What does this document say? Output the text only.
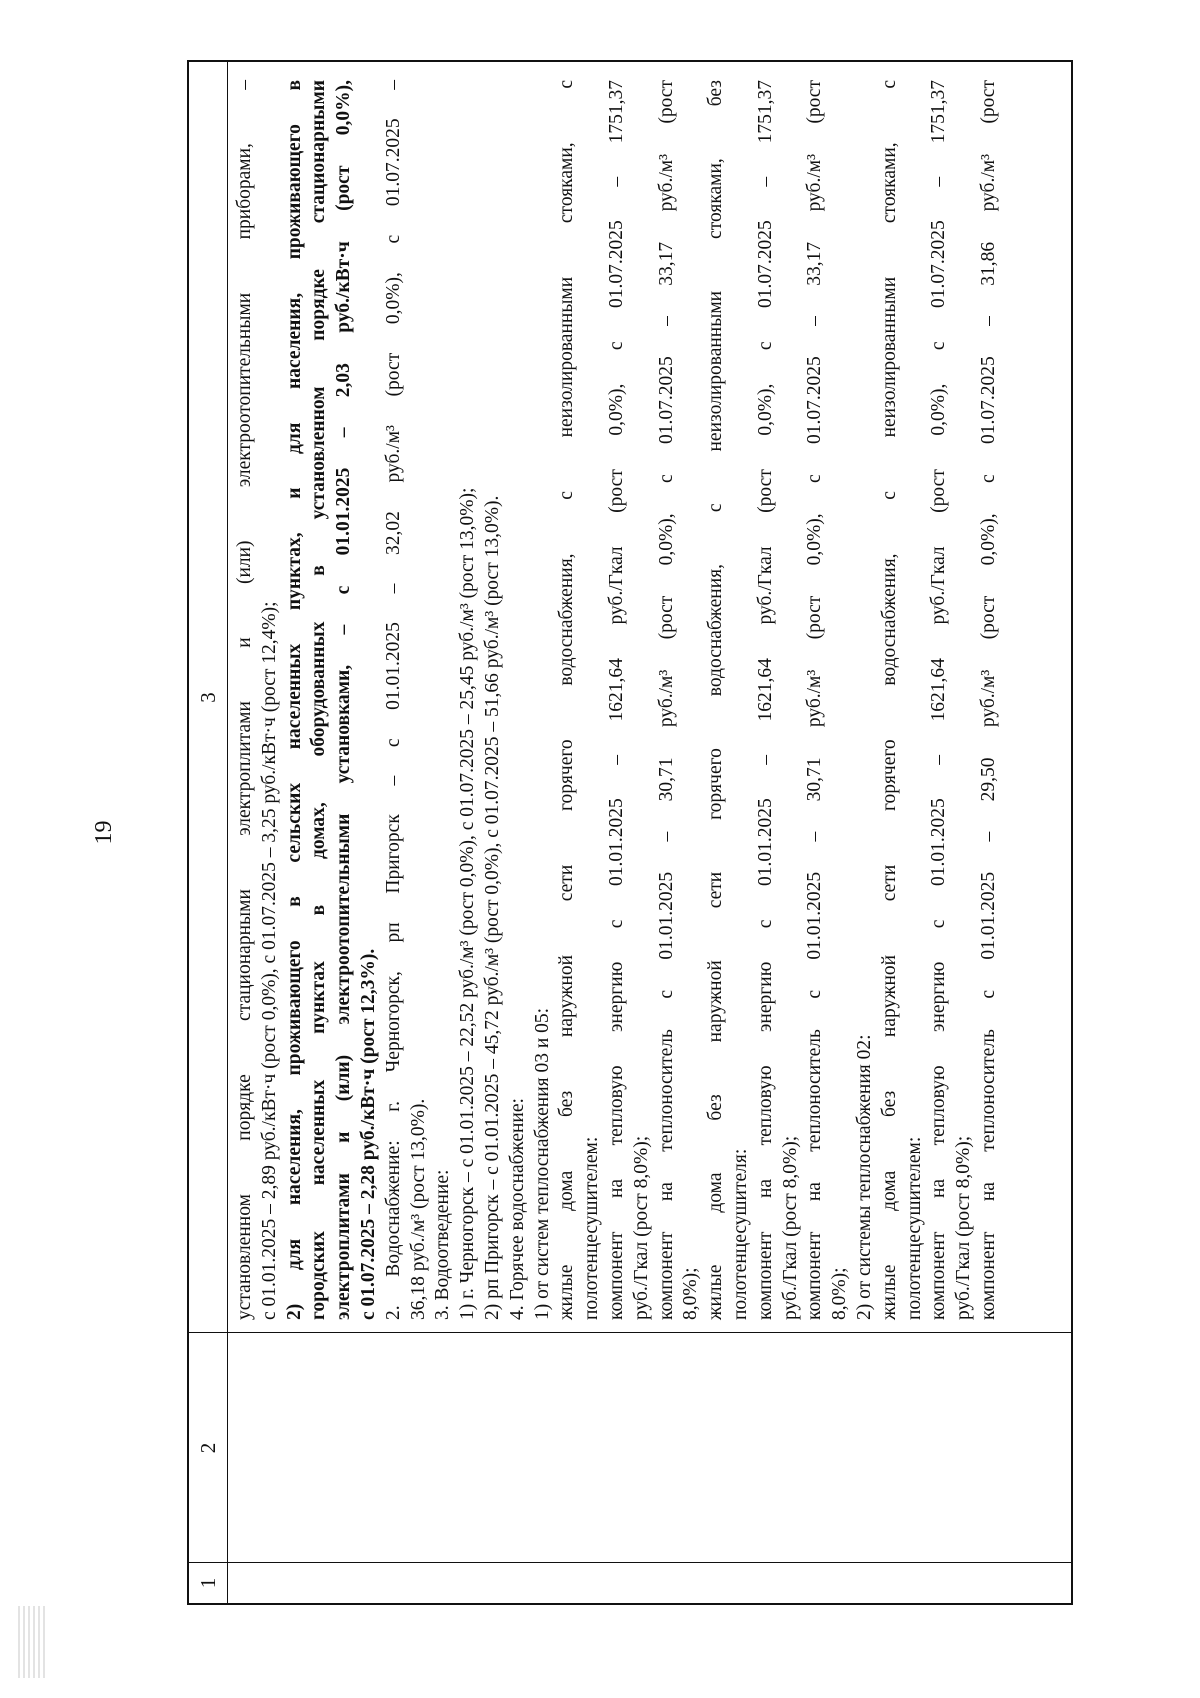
19
1
2
3 установленном порядке стационарными электроплитами и (или) электроотопительными приборами, – с 01.01.2025 – 2,89 руб./кВт·ч (рост 0,0%), с 01.07.2025 – 3,25 руб./кВт·ч (рост 12,4%); 2) для населения, проживающего в сельских населенных пунктах, и для населения, проживающего в городских населенных пунктах в домах, оборудованных в установленном порядке стационарными электроплитами и (или) электроотопительными установками, – с 01.01.2025 – 2,03 руб./кВт·ч (рост 0,0%), с 01.07.2025 – 2,28 руб./кВт·ч (рост 12,3%). 2. Водоснабжение: г. Черногорск, рп Пригорск – с 01.01.2025 – 32,02 руб./м³ (рост 0,0%), с 01.07.2025 – 36,18 руб./м³ (рост 13,0%). 3. Водоотведение: 1) г. Черногорск – с 01.01.2025 – 22,52 руб./м³ (рост 0,0%), с 01.07.2025 – 25,45 руб./м³ (рост 13,0%); 2) рп Пригорск – с 01.01.2025 – 45,72 руб./м³ (рост 0,0%), с 01.07.2025 – 51,66 руб./м³ (рост 13,0%). 4. Горячее водоснабжение: 1) от систем теплоснабжения 03 и 05: жилые дома без наружной сети горячего водоснабжения, с неизолированными стояками, с полотенцесушителем: компонент на тепловую энергию с 01.01.2025 – 1621,64 руб./Гкал (рост 0,0%), с 01.07.2025 – 1751,37 руб./Гкал (рост 8,0%); компонент на теплоноситель с 01.01.2025 – 30,71 руб./м³ (рост 0,0%), с 01.07.2025 – 33,17 руб./м³ (рост 8,0%); жилые дома без наружной сети горячего водоснабжения, с неизолированными стояками, без полотенцесушителя: компонент на тепловую энергию с 01.01.2025 – 1621,64 руб./Гкал (рост 0,0%), с 01.07.2025 – 1751,37 руб./Гкал (рост 8,0%); компонент на теплоноситель с 01.01.2025 – 30,71 руб./м³ (рост 0,0%), с 01.07.2025 – 33,17 руб./м³ (рост 8,0%); 2) от системы теплоснабжения 02: жилые дома без наружной сети горячего водоснабжения, с неизолированными стояками, с полотенцесушителем: компонент на тепловую энергию с 01.01.2025 – 1621,64 руб./Гкал (рост 0,0%), с 01.07.2025 – 1751,37 руб./Гкал (рост 8,0%); компонент на теплоноситель с 01.01.2025 – 29,50 руб./м³ (рост 0,0%), с 01.07.2025 – 31,86 руб./м³ (рост
